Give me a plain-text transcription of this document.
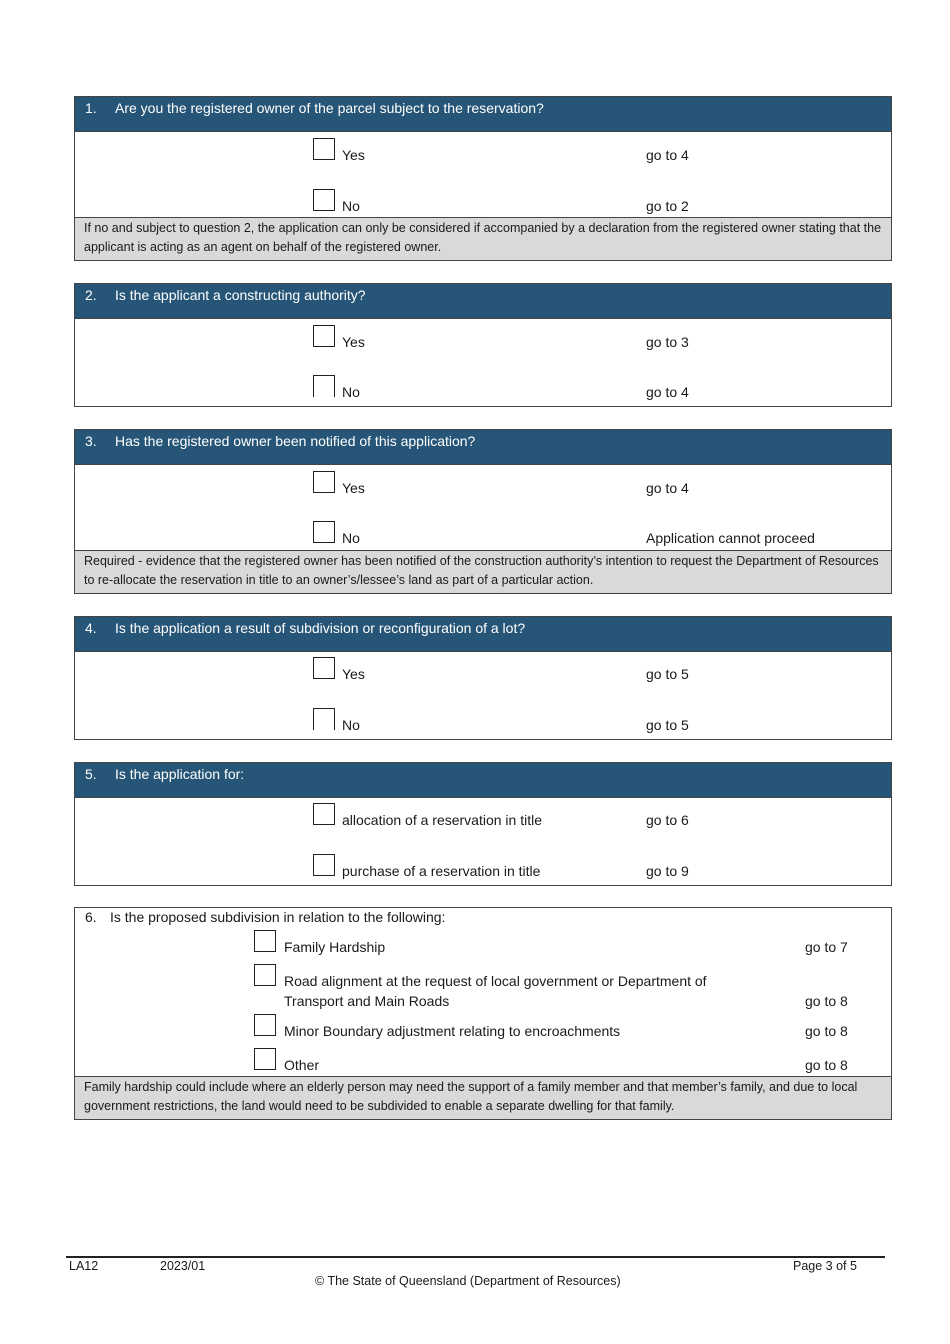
1.	Are you the registered owner of the parcel subject to the reservation?
Yes	go to 4
No	go to 2
If no and subject to question 2, the application can only be considered if accompanied by a declaration from the registered owner stating that the applicant is acting as an agent on behalf of the registered owner.
2.	Is the applicant a constructing authority?
Yes	go to 3
No	go to 4
3.	Has the registered owner been notified of this application?
Yes	go to 4
No	Application cannot proceed
Required - evidence that the registered owner has been notified of the construction authority’s intention to request the Department of Resources to re-allocate the reservation in title to an owner’s/lessee’s land as part of a particular action.
4.	Is the application a result of subdivision or reconfiguration of a lot?
Yes	go to 5
No	go to 5
5.	Is the application for:
allocation of a reservation in title	go to 6
purchase of a reservation in title	go to 9
6. Is the proposed subdivision in relation to the following:
Family Hardship	go to 7
Road alignment at the request of local government or Department of
Transport and Main Roads	go to 8
Minor Boundary adjustment relating to encroachments	go to 8
Other	go to 8
Family hardship could include where an elderly person may need the support of a family member and that member’s family, and due to local government restrictions, the land would need to be subdivided to enable a separate dwelling for that family.
LA12	2023/01	Page 3 of 5
© The State of Queensland (Department of Resources)
